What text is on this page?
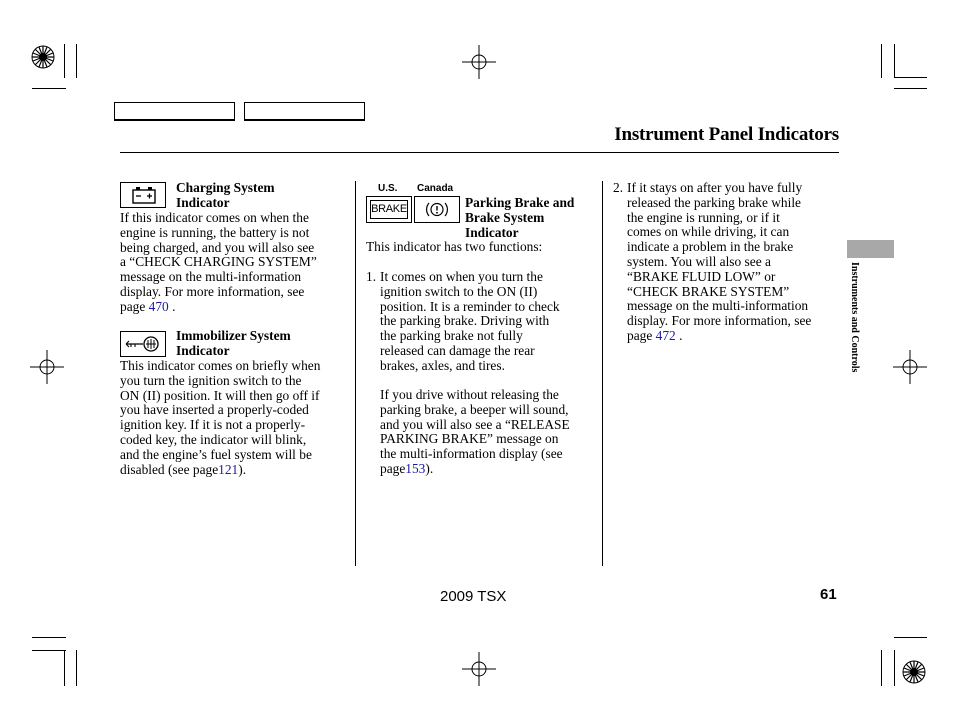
Instrument Panel Indicators

Charging System

Indicator

If this indicator comes on when the

engine is running, the battery is not

being charged, and you will also see

a “CHECK CHARGING SYSTEM”

message on the multi-information

display. For more information, see

page 470 .

Immobilizer System

Indicator

This indicator comes on briefly when

you turn the ignition switch to the

ON (II) position. It will then go off if

you have inserted a properly-coded

ignition key. If it is not a properly-

coded key, the indicator will blink,

and the engine’s fuel system will be

disabled (see page121).

U.S. Canada
BRAKE	Parking Brake and

Brake System

Indicator

This indicator has two functions:
1. It comes on when you turn the

ignition switch to the ON (II)

position. It is a reminder to check

the parking brake. Driving with

the parking brake not fully

released can damage the rear

brakes, axles, and tires.

If you drive without releasing the

parking brake, a beeper will sound,

and you will also see a “RELEASE

PARKING BRAKE” message on

the multi-information display (see

page153).

2. If it stays on after you have fully

released the parking brake while

the engine is running, or if it

comes on while driving, it can

indicate a problem in the brake

system. You will also see a

“BRAKE FLUID LOW” or

“CHECK BRAKE SYSTEM”

message on the multi-information

display. For more information, see

page 472 .	Instruments and Controls
2009 TSX	61
